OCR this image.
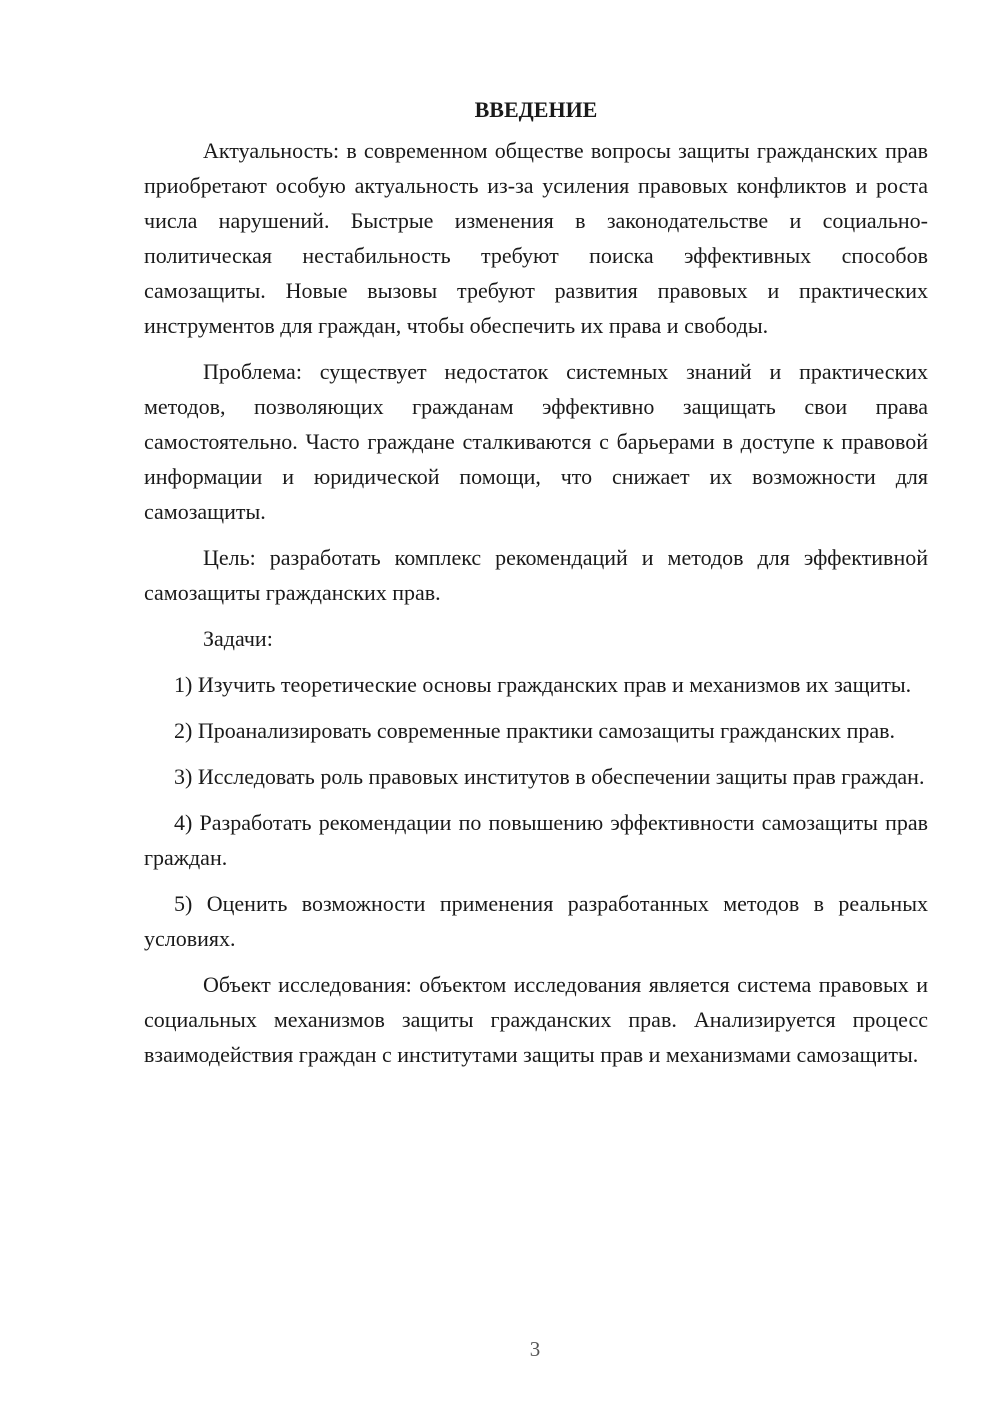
ВВЕДЕНИЕ

Актуальность: в современном обществе вопросы защиты гражданских прав приобретают особую актуальность из-за усиления правовых конфликтов и роста числа нарушений. Быстрые изменения в законодательстве и социально-политическая нестабильность требуют поиска эффективных способов самозащиты. Новые вызовы требуют развития правовых и практических инструментов для граждан, чтобы обеспечить их права и свободы.

Проблема: существует недостаток системных знаний и практических методов, позволяющих гражданам эффективно защищать свои права самостоятельно. Часто граждане сталкиваются с барьерами в доступе к правовой информации и юридической помощи, что снижает их возможности для самозащиты.

Цель: разработать комплекс рекомендаций и методов для эффективной самозащиты гражданских прав.

Задачи:

1) Изучить теоретические основы гражданских прав и механизмов их защиты.

2) Проанализировать современные практики самозащиты гражданских прав.

3) Исследовать роль правовых институтов в обеспечении защиты прав граждан.

4) Разработать рекомендации по повышению эффективности самозащиты прав граждан.

5) Оценить возможности применения разработанных методов в реальных условиях.

Объект исследования: объектом исследования является система правовых и социальных механизмов защиты гражданских прав. Анализируется процесс взаимодействия граждан с институтами защиты прав и механизмами самозащиты.

3
